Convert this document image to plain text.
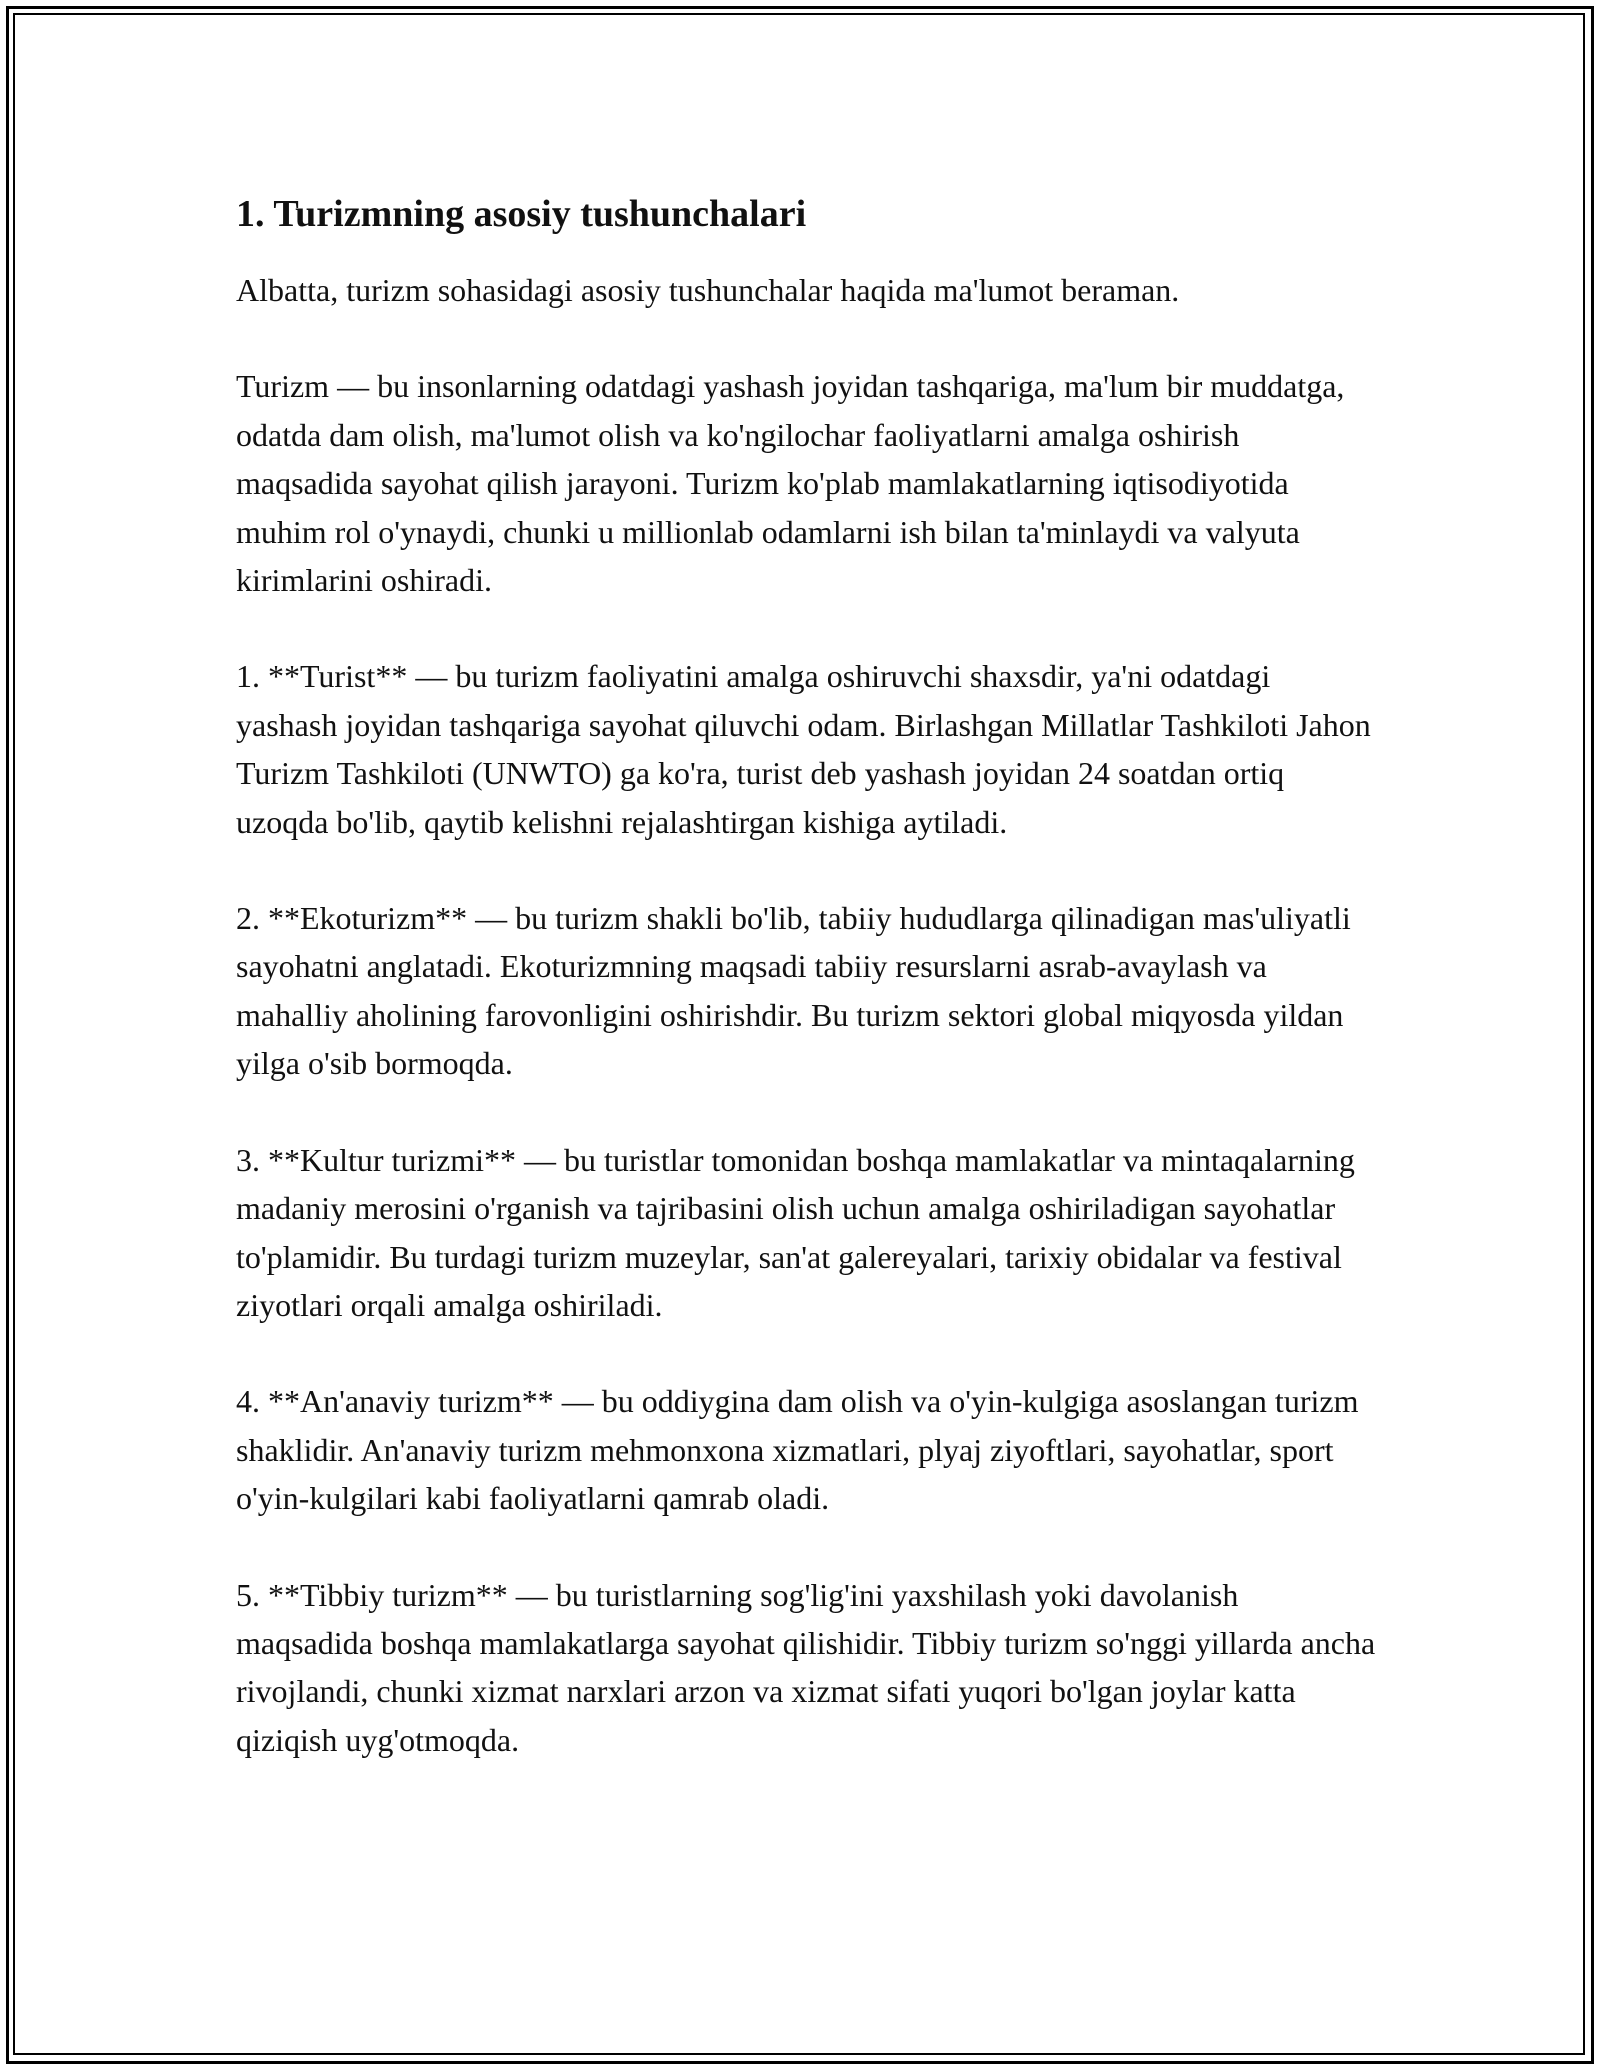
1. Turizmning asosiy tushunchalari

Albatta, turizm sohasidagi asosiy tushunchalar haqida ma'lumot beraman.

Turizm — bu insonlarning odatdagi yashash joyidan tashqariga, ma'lum bir muddatga, odatda dam olish, ma'lumot olish va ko'ngilochar faoliyatlarni amalga oshirish maqsadida sayohat qilish jarayoni. Turizm ko'plab mamlakatlarning iqtisodiyotida muhim rol o'ynaydi, chunki u millionlab odamlarni ish bilan ta'minlaydi va valyuta kirimlarini oshiradi.

1. **Turist** — bu turizm faoliyatini amalga oshiruvchi shaxsdir, ya'ni odatdagi yashash joyidan tashqariga sayohat qiluvchi odam. Birlashgan Millatlar Tashkiloti Jahon Turizm Tashkiloti (UNWTO) ga ko'ra, turist deb yashash joyidan 24 soatdan ortiq uzoqda bo'lib, qaytib kelishni rejalashtirgan kishiga aytiladi.

2. **Ekoturizm** — bu turizm shakli bo'lib, tabiiy hududlarga qilinadigan mas'uliyatli sayohatni anglatadi. Ekoturizmning maqsadi tabiiy resurslarni asrab-avaylash va mahalliy aholining farovonligini oshirishdir. Bu turizm sektori global miqyosda yildan yilga o'sib bormoqda.

3. **Kultur turizmi** — bu turistlar tomonidan boshqa mamlakatlar va mintaqalarning madaniy merosini o'rganish va tajribasini olish uchun amalga oshiriladigan sayohatlar to'plamidir. Bu turdagi turizm muzeylar, san'at galereyalari, tarixiy obidalar va festival ziyotlari orqali amalga oshiriladi.

4. **An'anaviy turizm** — bu oddiygina dam olish va o'yin-kulgiga asoslangan turizm shaklidir. An'anaviy turizm mehmonxona xizmatlari, plyaj ziyoftlari, sayohatlar, sport o'yin-kulgilari kabi faoliyatlarni qamrab oladi.

5. **Tibbiy turizm** — bu turistlarning sog'lig'ini yaxshilash yoki davolanish maqsadida boshqa mamlakatlarga sayohat qilishidir. Tibbiy turizm so'nggi yillarda ancha rivojlandi, chunki xizmat narxlari arzon va xizmat sifati yuqori bo'lgan joylar katta qiziqish uyg'otmoqda.
